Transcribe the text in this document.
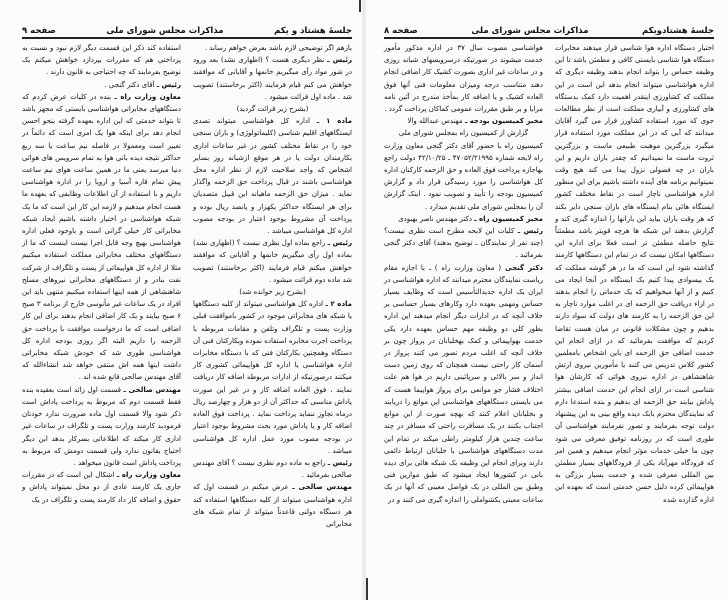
جلسهٔ هشتاد و یکم
مذاکرات مجلس شورای ملی
صفحه ۹

بازهم اگر توضیحی لازم باشد بعرض خواهم رساند .

رئیس ـ نظر دیگری هست ؟ (اظهاری نشد) بعد ورود در شور مواد رأی میگیریم خانمها و آقایانی که موافقند خواهش می کنم قیام فرمایند (اکثر برخاستند) تصویب شد . ماده اول قرائت میشود .

(بشرح زیر قرائت گردید)

ماده ۱ ـ اداره کل هواشناسی میتواند تصدی ایستگاههای اقلیم شناسی (کلیماتولوژی) و باران سنجی خود را در نقاط مختلف کشور در غیر ساعات اداری بکارمندان دولت یا در هر موقع ازشبانه روز بسایر اشخاص که واجد صلاحیت لازم از نظر اداره محل هواشناسی باشند در قبال پرداخت حق الزحمه واگذار نماید . میزان حق الزحمه ماهیانه این قبیل متصدیان برای هر ایستگاه حداکثر یکهزار و پانصد ریال بوده و پرداخت آن مشروط بوجود اعتبار در بودجه مصوب اداره کل هواشناسی میباشد .

رئیس ـ راجع بماده اول نظری نیست ؟ (اظهاری نشد) بماده اول رأی میگیریم خانمها و آقایانی که موافقند خواهش میکنم قیام فرمایند (اکثر برخاستند) تصویب شد ماده دوم قرائت میشود .

(بشرح زیر خوانده شد)

ماده ۲ ـ اداره کل هواشناسی میتواند از کلیه دستگاهها یا شبکه های مخابراتی موجود در کشور باموافقت قبلی وزارت پست و تلگراف وتلفن و مقامات مربوطه با پرداخت اجرت مخابره استفاده نموده وبکارکنان فنی آن دستگاه وهمچنین بکارکنان فنی که با دستگاه مخابرات اداره هواشناسی یا اداره کل هواپیمائی کشوری کار میکنند درصورتیکه از ادارات مربوطه اضافه کار دریافت نمایند ، فوق العاده اضافه کار و در غیر این صورت پاداش مناسبی که حداکثر آن از دو هزار و چهارصد ریال درماه تجاوز ننماید پرداخت نماید . پرداخت فوق العاده اضافه کار و یا پاداش مورد بحث مشروط بوجود اعتبار در بودجه مصوب مورد عمل اداره کل هواشناسی میباشد .

رئیس ـ راجع به ماده دوم نظری نیست ؟ آقای مهندس صالحی بفرمائید .

مهندس صالحی ـ عرض میکنم در قسمت اول که اداره هواشناسی میتواند از کلیه دستگاهها استفاده کند هر دستگاه دولتی قاعدتاً میتواند از تمام شبکه های مخابراتی

استفاده کند ذکر این قسمت دیگر لازم نبود و نسبت به پرداختی هم که مقررات بپردازد خواهش میکنم یک توضیح بفرمایند که چه احتیاجی به قانون دارند .

رئیس ـ آقای دکتر گنجی .

معاون وزارت راه ـ بنده در کلیات عرض کردم که دستگاههای مخابراتی هواشناسی بایستی که مجهز باشد تا بتواند خدمتی که این اداره بعهده گرفته بنحو احسن انجام دهد برای اینکه هوا یک امری است که دائماً در تغییر است ومعمولا در فاصله نیم ساعت یا سه ربع حداکثر نتیجه دیده بانی هوا به تمام سرویس های هوائی دنیا میرسد یعنی ما در همین ساعت هوای نیم ساعت پیش تمام قاره آسیا و اروپا را در اداره هواشناسی داریم و با استفاده از آن اطلاعات وظایفی که بعهده ما هست انجام میدهیم و لازمه این کار این است که ما یک شبکه هواشناسی در اختیار داشته باشیم ایجاد شبکه مخابراتی کار خیلی گرانی است و باوجود فعلی اداره هواشناسی بهیچ وجه قابل اجرا نیست اینست که ما از دستگاههای مختلف مخابراتی مملکت استفاده میکنیم مثلا از اداره کل هواپیمائی از پست و تلگراف از شرکت نفت بنادر و از دستگاههای مخابراتی نیروهای مسلح شاهنشاهی از همه اینها استفاده میکنیم منتهی باید این افراد در یک ساعات غیر مأنوسی خارج از برنامه ۳ صبح ۶ صبح بیایند و یک کار اضافی انجام بدهند برای این کار اضافی است که ما درخواست موافقت با پرداخت حق الزحمه را داریم البته اگر روزی بودجه اداره کل هواشناسی طوری شد که خودش شبکه مخابراتی داشت اینها همه اش منتفی خواهد شد انشاءالله که آقای مهندس صالحی قانع شده اند .

مهندس صالحی ـ قسمت اول زائد است بعقیده بنده فقط قسمت دوم که مربوط به پرداخت پاداش است ذکر شود والا قسمت اول ماده ضرورت ندارد خودتان فرمودید کارمند وزارت پست و تلگراف در ساعات غیر اداری کار میکند که اطلاعاتی بسرکار بدهد این دیگر احتیاج بقانون ندارد ولی قسمت دومش که مربوط به پرداخت پاداش است قانون میخواهد .

معاون وزارت راه ـ اشکال این است که در مقررات جاری یک کارمند عادی از دو محل نمیتواند پاداش و حقوق و اضافه کار داد کارمند پست و تلگراف در یک

جلسهٔ هشتادویکم
مذاکرات مجلس شورای ملی
صفحه ۸

اختیار دستگاه اداره هوا شناسی قرار میدهند مخابرات دستگاه هوا شناسی بایستی کافی و مطمئن باشد تا این وظیفه حساس را بتواند انجام بدهند وظیفه دیگری که اداره هواشناسی میتواند انجام بدهد این است در این مملکت که کشاورزی اینقدر اهمیت دارد کمک بدستگاه های کشاورزی و آبیاری مملکت است از نظر مطالعات جوی که مورد استفاده کشاورز قرار می گیرد آقایان میدانند که آبی که در این مملکت مورد استفاده قرار میگیرد بزرگترین موهبت طبیعی ماست و بزرگترین ثروت ماست ما نمیدانیم که چقدر باران داریم و این باران در چه فصولی نزول پیدا می کند هیچ وقت نمیتوانیم برنامه های آینده داشته باشیم برای این منظور اداره هواشناسی ناچار است در نقاط مختلف کشور ایستگاه هائی بنام ایستگاه های باران سنجی دایر بکند که هر وقت باران بیاید این بارانها را اندازه گیری کند و گزارش بدهند این شبکه ها هرچه قویتر باشد مطمئناً نتایج حاصله مطمئن تر است فعلا برای اداره این دستگاهها امکان نیست که در تمام این دستگاهها کارمند گذاشته شود این است که ما در هر گوشه مملکت که یک بیسوادی پیدا کنیم یک ایستگاه در آنجا ایجاد می کنیم و از آنها میخواهیم که یک خدماتی را انجام بدهند در ازاء دریافت حق الزحمه ای در اغلب موارد ناچار به این حق الزحمه را به کارمند های دولت که سواد دارند بدهیم و چون مشکلات قانونی در میان هست تقاضا کردیم که موافقت بفرمائید که در ازای انجام این خدمت اضافی حق الزحمه ای باین اشخاص بامعلمین کشور کلاس تدریس می کنند یا مأمورین نیروی ارتش شاهنشاهی در اداره نیروی هوائی که کارشان هوا شناسی است در ازای انجام این خدمت اضافی بیشتر پاداش بیابند حق الزحمه ای بدهیم و بنده استدعا دارم که نمایندگان محترم بابک دیده واقع بینی به این پیشنهاد دولت توجه بفرمایند و تصور نفرمایند هواشناسی آن طوری است که در روزنامه توفیق معرفی می شود چون ما خیلی خدمات مؤثر انجام میدهیم و همین امر که فرودگاه مهرآباد یکی از فرودگاههای بسیار مطمئن بین المللی معرفی شده و خدمت بسیار بزرگی به هواپیمائی کرده دلیل حسن خدمتی است که بعهده این اداره گذارده شده

هواشناسی مصوب سال ۳۷ در اداره مذکور مأمور خدمت میشوند در صورتیکه درسرویسهای شبانه روزی و در ساعات غیر اداری بصورت کشیک کار اضافی انجام دهند متناسب درجه ومیزان معلومات فنی آنها فوق العاده کشیک و یا اضافه کار بمأخذ مندرج در آئین نامه مزایا و بر طبق مقررات عمومی کماکان پرداخت گردد .

مخبر کمیسیون بودجه ـ مهندس عبدالله والا

گزارش از کمیسیون راه بمجلس شورای ملی

کمیسیون راه با حضور آقای دکتر گنجی معاون وزارت راه لایحه شماره ۴۷۰۵۲/۲۱۹۹۵ ـ ۴۲/۱۰/۲۵ دولت راجع بهاجازه پرداخت فوق العاده و حق الزحمه کارکنان اداره کل هواشناسی را مورد رسیدگی قرار داد و گزارش کمیسیون بودجه را تأیید و تصویب نمود . اینک گزارش آن را بمجلس شورای ملی تقدیم میدارد .

مخبر کمیسیون راه ـ دکتر مهندس ناصر بهبودی

رئیس ـ کلیات این لایحه مطرح است نظری نیست؟ (چند نفر از نمایندگان ـ توضیح بدهند) آقای دکتر گنجی بفرمائید .

دکتر گنجی ( معاون وزارت راه ) ـ با اجازه مقام ریاست نمایندگان محترم میدانند که اداره هواشناسی در ایران یک اداره جدیدالتأسیس است که وظایف بسیار حساس ومهمی بعهده دارد وکارهای بسیار حساسی بر خلاف آنچه که در ادارات دیگر انجام میدهند این اداره بطور کلی دو وظیفه مهم حساس بعهده دارد یکی خدمت بهواپیمائی و کمک بهخلبانان در پرواز چون بر خلاف آنچه که اغلب مردم تصور می کنند پرواز در آسمان کار راحتی نیست همچنان که روی زمین دست انداز و سر بالائی و سرپائینی داریم در هوا هم علت اختلاف فشار جو موانعی برای پرواز هواپیما هست که می بایستی دستگاههای هواشناسی این موانع را دریابند و بخلبانان اعلام کنند که بهچه صورت از این موانع اجتناب بکنند در یک مسافرت راحتی که مسافر در چند ساعت چندین هزار کیلومتر راطی میکند در تمام این مدت دستگاههای هواشناسی با خلبانان ارتباط دائمی دارند وبرای انجام این وظیفه یک شبکه هائی برای دیده بانی در کشورها ایجاد میشود که طبق موازین فنی وطبق بین المللی در یک فواصل معینی که آنها در یک ساعات معینی یکشواملی را اندازه گیری می کنند و در
